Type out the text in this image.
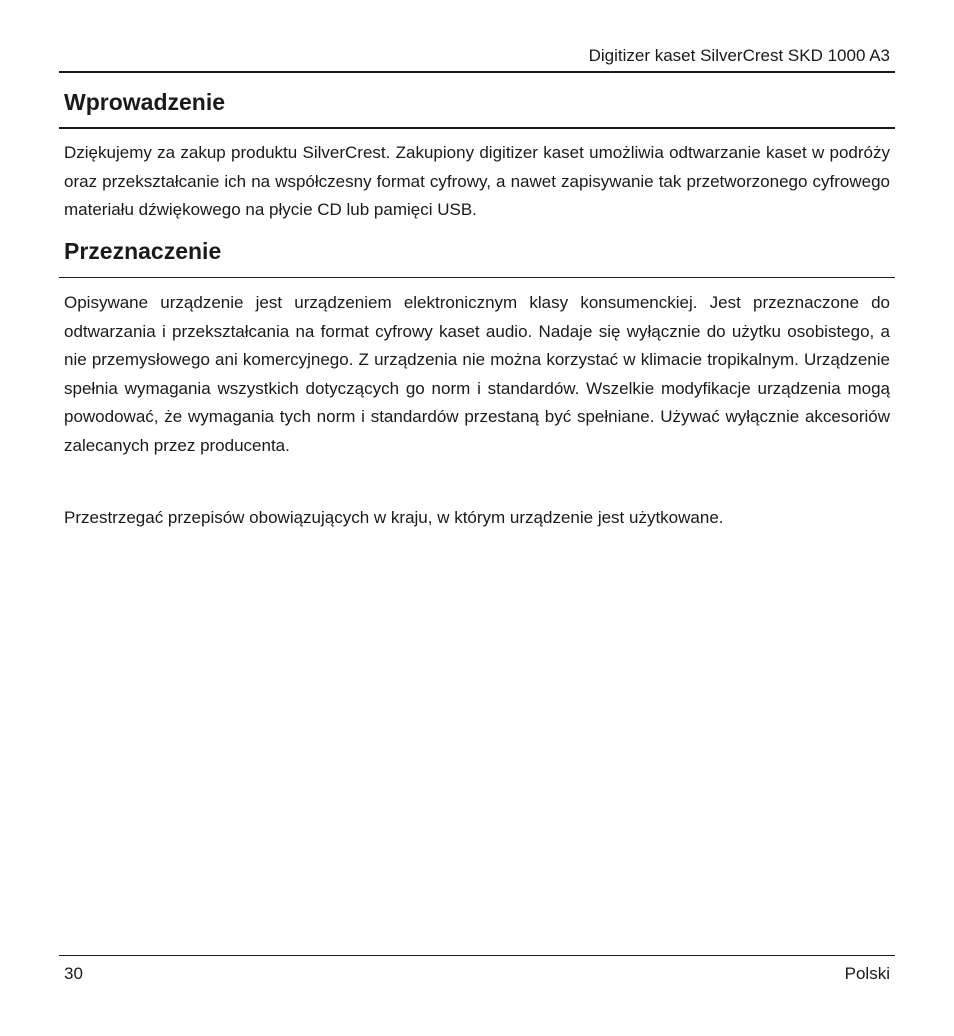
Digitizer kaset SilverCrest SKD 1000 A3
Wprowadzenie

Dziękujemy za zakup produktu SilverCrest. Zakupiony digitizer kaset umożliwia odtwarzanie kaset w podróży oraz przekształcanie ich na współczesny format cyfrowy, a nawet zapisywanie tak przetworzonego cyfrowego materiału dźwiękowego na płycie CD lub pamięci USB.

Przeznaczenie

Opisywane urządzenie jest urządzeniem elektronicznym klasy konsumenckiej. Jest przeznaczone do odtwarzania i przekształcania na format cyfrowy kaset audio. Nadaje się wyłącznie do użytku osobistego, a nie przemysłowego ani komercyjnego. Z urządzenia nie można korzystać w klimacie tropikalnym. Urządzenie spełnia wymagania wszystkich dotyczących go norm i standardów. Wszelkie modyfikacje urządzenia mogą powodować, że wymagania tych norm i standardów przestaną być spełniane. Używać wyłącznie akcesoriów zalecanych przez producenta.

Przestrzegać przepisów obowiązujących w kraju, w którym urządzenie jest użytkowane.

30	Polski
